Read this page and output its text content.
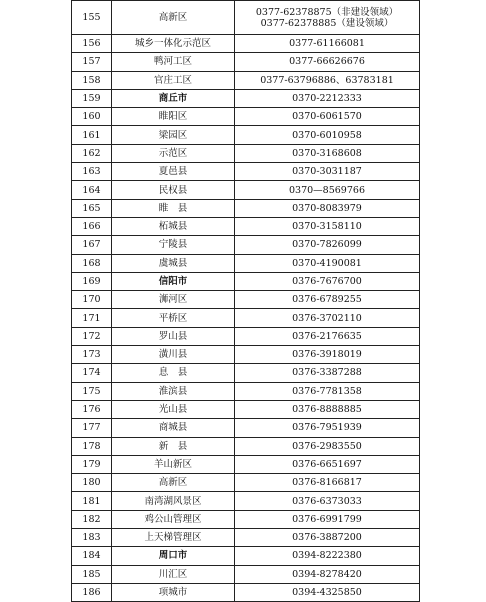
155	高新区	0377-62378875（非建设领域）
0377-62378885（建设领域）

156	城乡一体化示范区	0377-61166081

157	鸭河工区	0377-66626676

158	官庄工区	0377-63796886、63783181

159	商丘市	0370-2212333

160	睢阳区	0370-6061570

161	梁园区	0370-6010958

162	示范区	0370-3168608

163	夏邑县	0370-3031187

164	民权县	0370—8569766

165	睢　县	0370-8083979

166	柘城县	0370-3158110

167	宁陵县	0370-7826099

168	虞城县	0370-4190081

169	信阳市	0376-7676700

170	浉河区	0376-6789255

171	平桥区	0376-3702110

172	罗山县	0376-2176635

173	潢川县	0376-3918019

174	息　县	0376-3387288

175	淮滨县	0376-7781358

176	光山县	0376-8888885

177	商城县	0376-7951939

178	新　县	0376-2983550

179	羊山新区	0376-6651697

180	高新区	0376-8166817

181	南湾湖风景区	0376-6373033

182	鸡公山管理区	0376-6991799

183	上天梯管理区	0376-3887200

184	周口市	0394-8222380

185	川汇区	0394-8278420

186	项城市	0394-4325850
